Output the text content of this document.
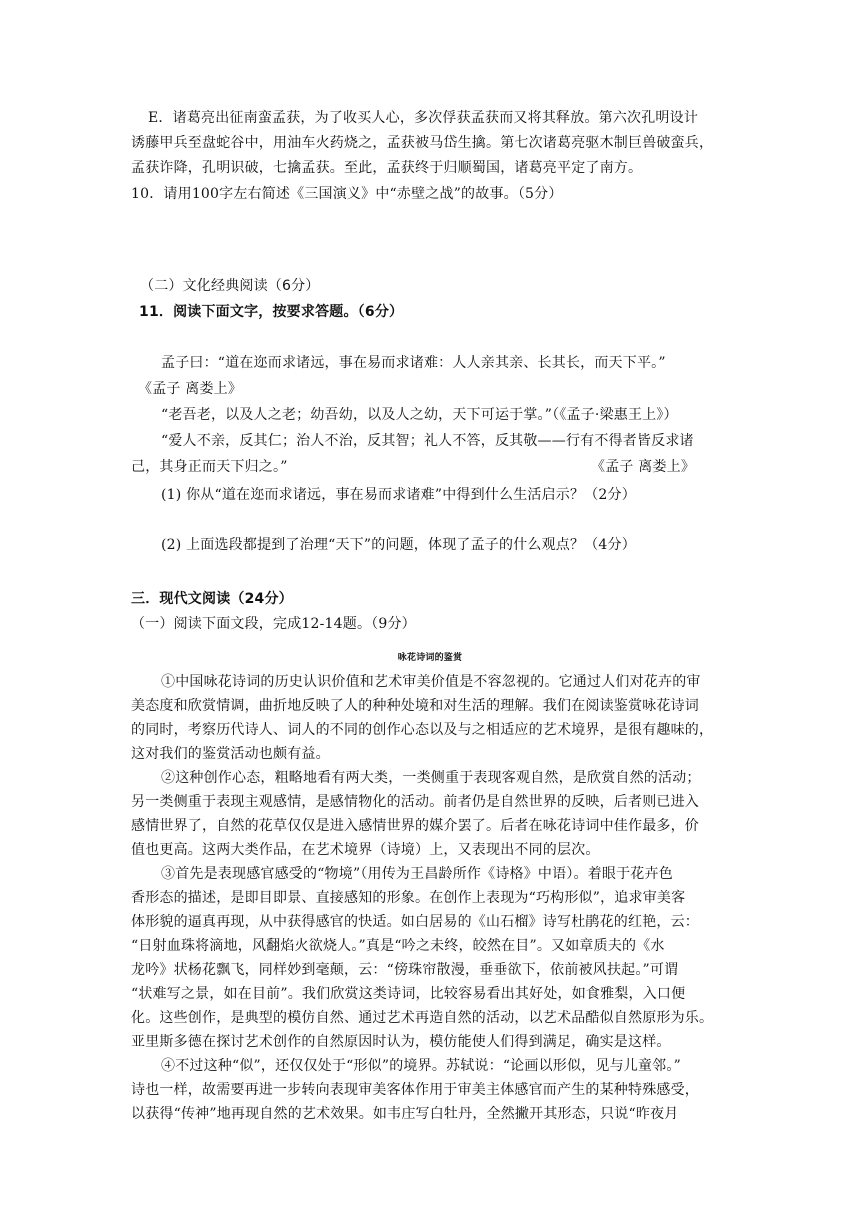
E．诸葛亮出征南蛮孟获，为了收买人心，多次俘获孟获而又将其释放。第六次孔明设计
诱藤甲兵至盘蛇谷中，用油车火药烧之，孟获被马岱生擒。第七次诸葛亮驱木制巨兽破蛮兵，
孟获诈降，孔明识破，七擒孟获。至此，孟获终于归顺蜀国，诸葛亮平定了南方。
10．请用100字左右简述《三国演义》中“赤壁之战”的故事。（5分）
（二）文化经典阅读（6分）
11．阅读下面文字，按要求答题。（6分）
孟子曰：“道在迩而求诸远，事在易而求诸难：人人亲其亲、长其长，而天下平。”
《孟子 离娄上》
“老吾老，以及人之老；幼吾幼，以及人之幼，天下可运于掌。”（《孟子·梁惠王上》）
“爱人不亲，反其仁；治人不治，反其智；礼人不答，反其敬——行有不得者皆反求诸
己，其身正而天下归之。”	《孟子 离娄上》
(1) 你从“道在迩而求诸远，事在易而求诸难”中得到什么生活启示？（2分）
(2) 上面选段都提到了治理“天下”的问题，体现了孟子的什么观点？（4分）
三．现代文阅读（24分）
（一）阅读下面文段，完成12-14题。（9分）
咏花诗词的鉴赏
①中国咏花诗词的历史认识价值和艺术审美价值是不容忽视的。它通过人们对花卉的审
美态度和欣赏情调，曲折地反映了人的种种处境和对生活的理解。我们在阅读鉴赏咏花诗词
的同时，考察历代诗人、词人的不同的创作心态以及与之相适应的艺术境界，是很有趣味的，
这对我们的鉴赏活动也颇有益。
②这种创作心态，粗略地看有两大类，一类侧重于表现客观自然，是欣赏自然的活动；
另一类侧重于表现主观感情，是感情物化的活动。前者仍是自然世界的反映，后者则已进入
感情世界了，自然的花草仅仅是进入感情世界的媒介罢了。后者在咏花诗词中佳作最多，价
值也更高。这两大类作品，在艺术境界（诗境）上，又表现出不同的层次。
③首先是表现感官感受的“物境”（用传为王昌龄所作《诗格》中语）。着眼于花卉色
香形态的描述，是即目即景、直接感知的形象。在创作上表现为“巧构形似”，追求审美客
体形貌的逼真再现，从中获得感官的快适。如白居易的《山石榴》诗写杜鹃花的红艳，云：
“日射血珠将滴地，风翻焰火欲烧人。”真是“吟之未终，皎然在目”。又如章质夫的《水
龙吟》状杨花飘飞，同样妙到毫颠，云：“傍珠帘散漫，垂垂欲下，依前被风扶起。”可谓
“状难写之景，如在目前”。我们欣赏这类诗词，比较容易看出其好处，如食雅梨，入口便
化。这些创作，是典型的模仿自然、通过艺术再造自然的活动，以艺术品酷似自然原形为乐。
亚里斯多德在探讨艺术创作的自然原因时认为，模仿能使人们得到满足，确实是这样。
④不过这种“似”，还仅仅处于“形似”的境界。苏轼说：“论画以形似，见与儿童邻。”
诗也一样，故需要再进一步转向表现审美客体作用于审美主体感官而产生的某种特殊感受，
以获得“传神”地再现自然的艺术效果。如韦庄写白牡丹，全然撇开其形态，只说“昨夜月
